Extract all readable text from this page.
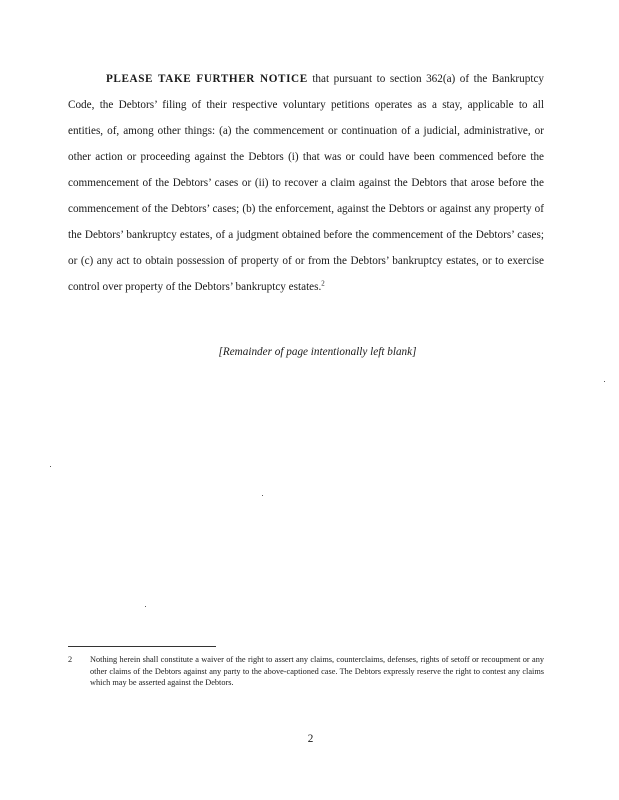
PLEASE TAKE FURTHER NOTICE that pursuant to section 362(a) of the Bankruptcy Code, the Debtors’ filing of their respective voluntary petitions operates as a stay, applicable to all entities, of, among other things: (a) the commencement or continuation of a judicial, administrative, or other action or proceeding against the Debtors (i) that was or could have been commenced before the commencement of the Debtors’ cases or (ii) to recover a claim against the Debtors that arose before the commencement of the Debtors’ cases; (b) the enforcement, against the Debtors or against any property of the Debtors’ bankruptcy estates, of a judgment obtained before the commencement of the Debtors’ cases; or (c) any act to obtain possession of property of or from the Debtors’ bankruptcy estates, or to exercise control over property of the Debtors’ bankruptcy estates.$^2$

[Remainder of page intentionally left blank]
2 Nothing herein shall constitute a waiver of the right to assert any claims, counterclaims, defenses, rights of setoff or recoupment or any other claims of the Debtors against any party to the above-captioned case. The Debtors expressly reserve the right to contest any claims which may be asserted against the Debtors.
2
